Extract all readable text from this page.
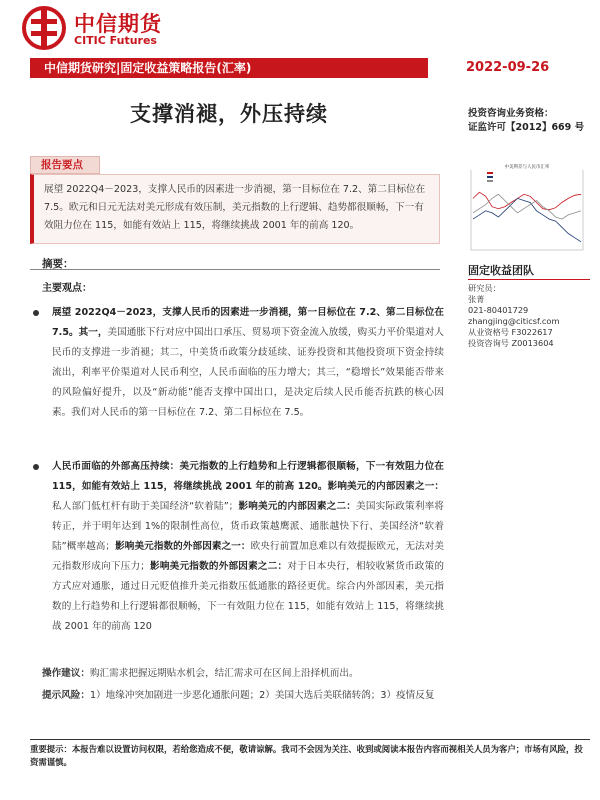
中信期货
CITIC Futures
中信期货研究|固定收益策略报告(汇率)	2022-09-26
支撑消褪，外压持续	投资咨询业务资格：
证监许可【2012】669 号
报告要点
展望 2022Q4－2023，支撑人民币的因素进一步消褪，第一目标位在 7.2、第二目标位在 7.5。欧元和日元无法对美元形成有效压制，美元指数的上行逻辑、趋势都很顺畅，下一有效阻力位在 115，如能有效站上 115，将继续挑战 2001 年的前高 120。
中美利差与人民币汇率
固定收益团队
研究员：
张菁
021-80401729
zhangjing@citicsf.com
从业资格号 F3022617
投资咨询号 Z0013604
摘要：
主要观点：
展望 2022Q4－2023，支撑人民币的因素进一步消褪，第一目标位在 7.2、第二目标位在 7.5。其一，美国通胀下行对应中国出口承压、贸易项下资金流入放缓，购买力平价渠道对人民币的支撑进一步消褪；其二，中美货币政策分歧延续、证券投资和其他投资项下资金持续流出，利率平价渠道对人民币利空，人民币面临的压力增大；其三，“稳增长”效果能否带来的风险偏好提升，以及“新动能”能否支撑中国出口，是决定后续人民币能否抗跌的核心因素。我们对人民币的第一目标位在 7.2、第二目标位在 7.5。
人民币面临的外部高压持续：美元指数的上行趋势和上行逻辑都很顺畅，下一有效阻力位在 115，如能有效站上 115，将继续挑战 2001 年的前高 120。影响美元的内部因素之一：私人部门低杠杆有助于美国经济“软着陆”；影响美元的内部因素之二：美国实际政策利率将转正，并于明年达到 1%的限制性高位，货币政策越鹰派、通胀越快下行、美国经济“软着陆”概率越高；影响美元指数的外部因素之一：欧央行前置加息难以有效提振欧元，无法对美元指数形成向下压力；影响美元指数的外部因素之二：对于日本央行，相较收紧货币政策的方式应对通胀，通过日元贬值推升美元指数压低通胀的路径更优。综合内外部因素，美元指数的上行趋势和上行逻辑都很顺畅，下一有效阻力位在 115，如能有效站上 115，将继续挑战 2001 年的前高 120
操作建议：购汇需求把握远期贴水机会，结汇需求可在区间上沿择机而出。
提示风险：1）地缘冲突加剧进一步恶化通胀问题；2）美国大选后美联储转鸽；3）疫情反复
重要提示：本报告难以设置访问权限，若给您造成不便，敬请谅解。我司不会因为关注、收到或阅读本报告内容而视相关人员为客户；市场有风险，投资需谨慎。
